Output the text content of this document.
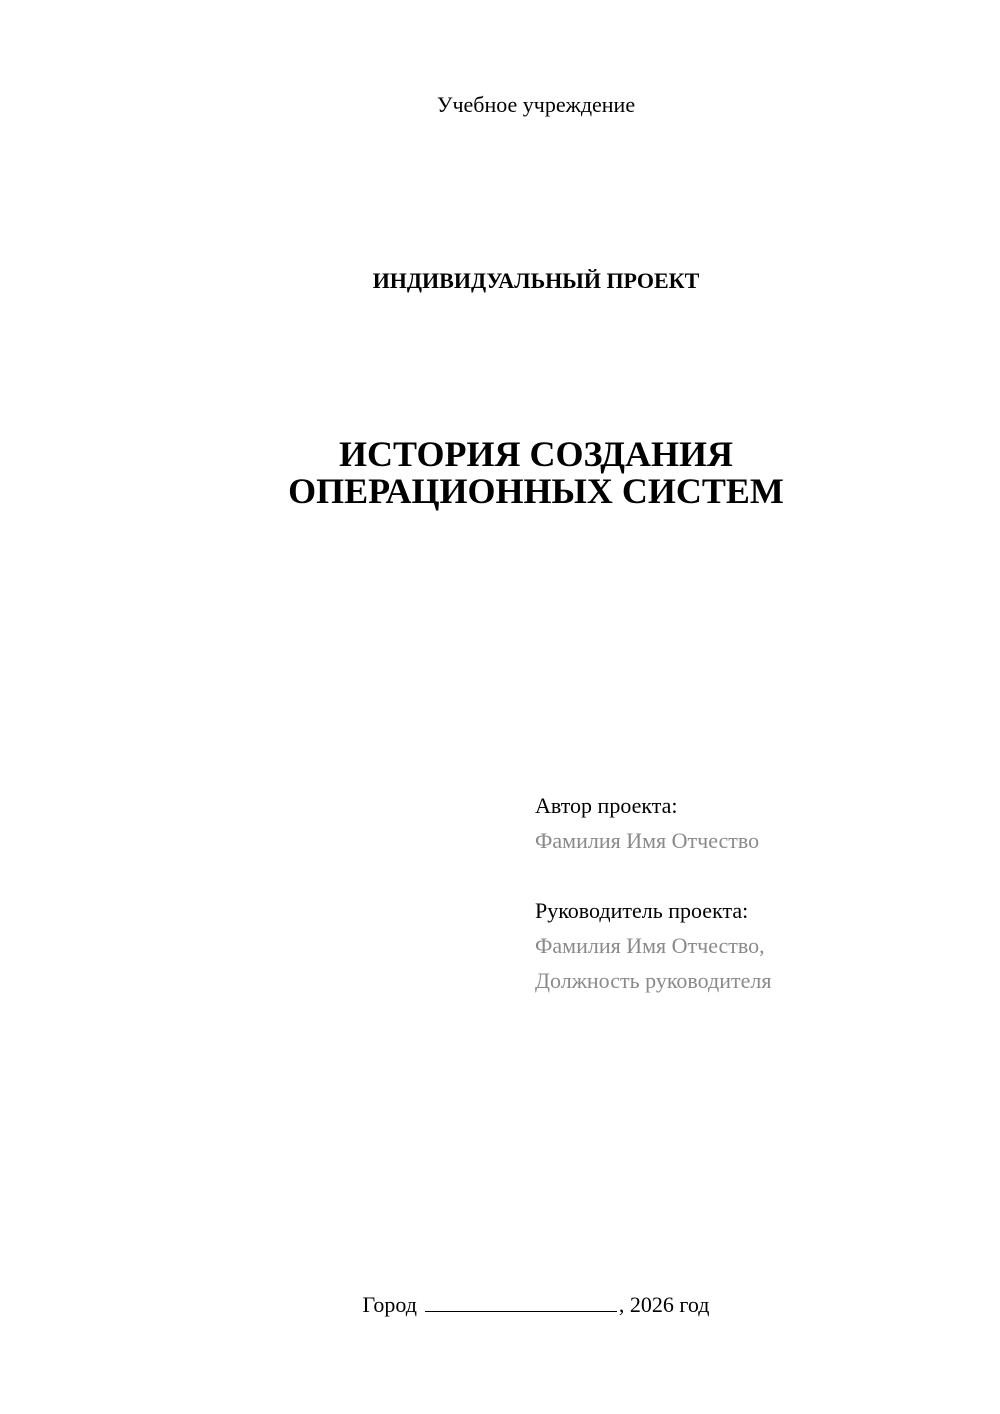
Учебное учреждение
ИНДИВИДУАЛЬНЫЙ ПРОЕКТ
ИСТОРИЯ СОЗДАНИЯ
ОПЕРАЦИОННЫХ СИСТЕМ
Автор проекта:
Фамилия Имя Отчество
Руководитель проекта:
Фамилия Имя Отчество,
Должность руководителя
Город	, 2026 год
